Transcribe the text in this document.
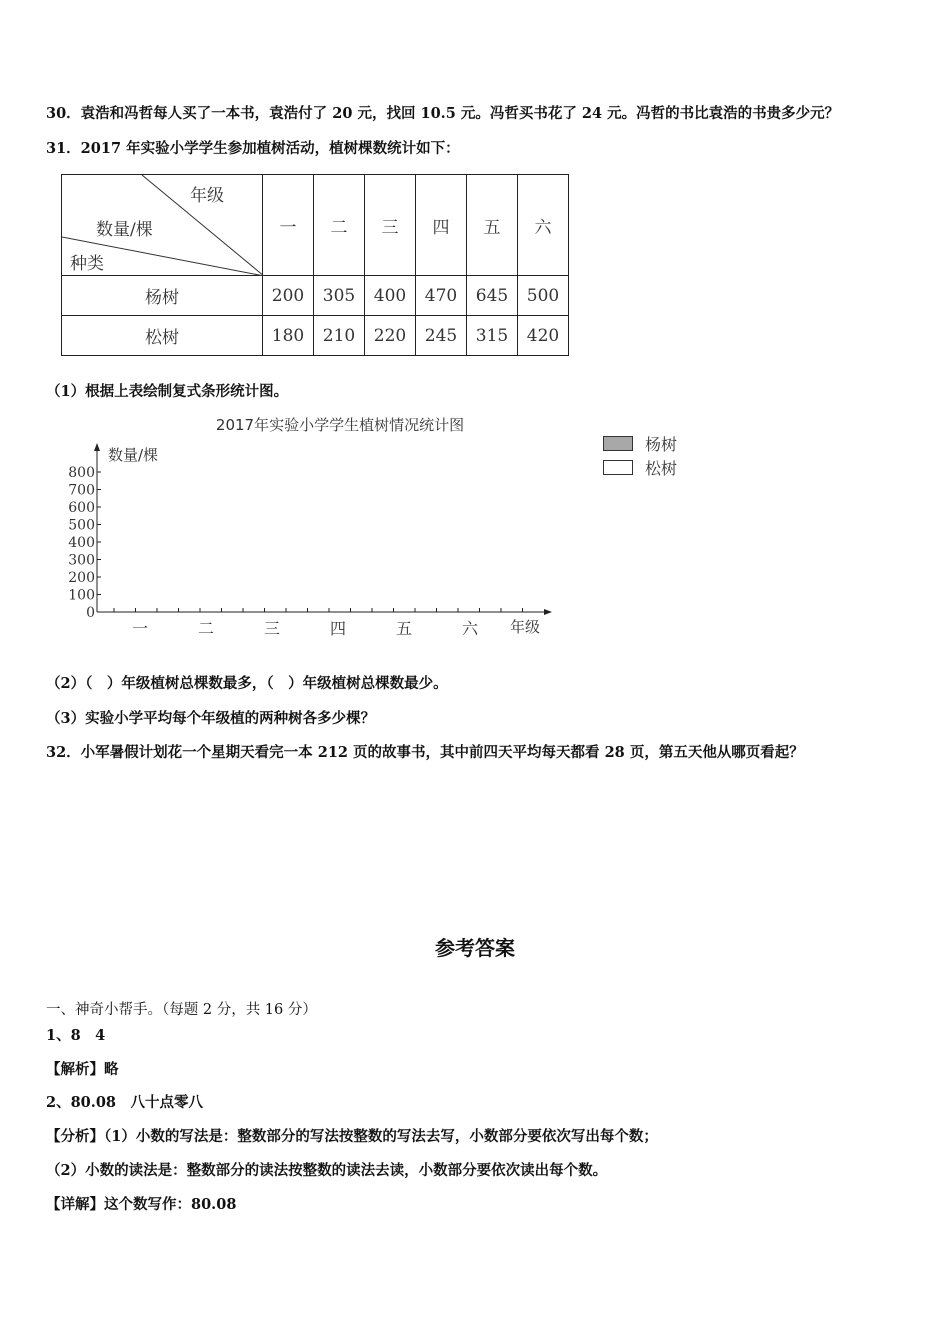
30．袁浩和冯哲每人买了一本书，袁浩付了 20 元，找回 10.5 元。冯哲买书花了 24 元。冯哲的书比袁浩的书贵多少元？
31．2017 年实验小学学生参加植树活动，植树棵数统计如下：
年级
数量/棵
种类	一	二	三	四	五	六
杨树	200	305	400	470	645	500
松树	180	210	220	245	315	420
（1）根据上表绘制复式条形统计图。
2017年实验小学学生植树情况统计图
数量/棵
年级
0
100
200
300
400
500
600
700
800
一	二	三	四	五	六
杨树
松树
（2）（　）年级植树总棵数最多，（　）年级植树总棵数最少。
（3）实验小学平均每个年级植的两种树各多少棵？
32．小军暑假计划花一个星期天看完一本 212 页的故事书，其中前四天平均每天都看 28 页，第五天他从哪页看起？
参考答案
一、神奇小帮手。（每题 2 分，共 16 分）
1、8　4
【解析】略
2、80.08　八十点零八
【分析】（1）小数的写法是：整数部分的写法按整数的写法去写，小数部分要依次写出每个数；
（2）小数的读法是：整数部分的读法按整数的读法去读，小数部分要依次读出每个数。
【详解】这个数写作：80.08
